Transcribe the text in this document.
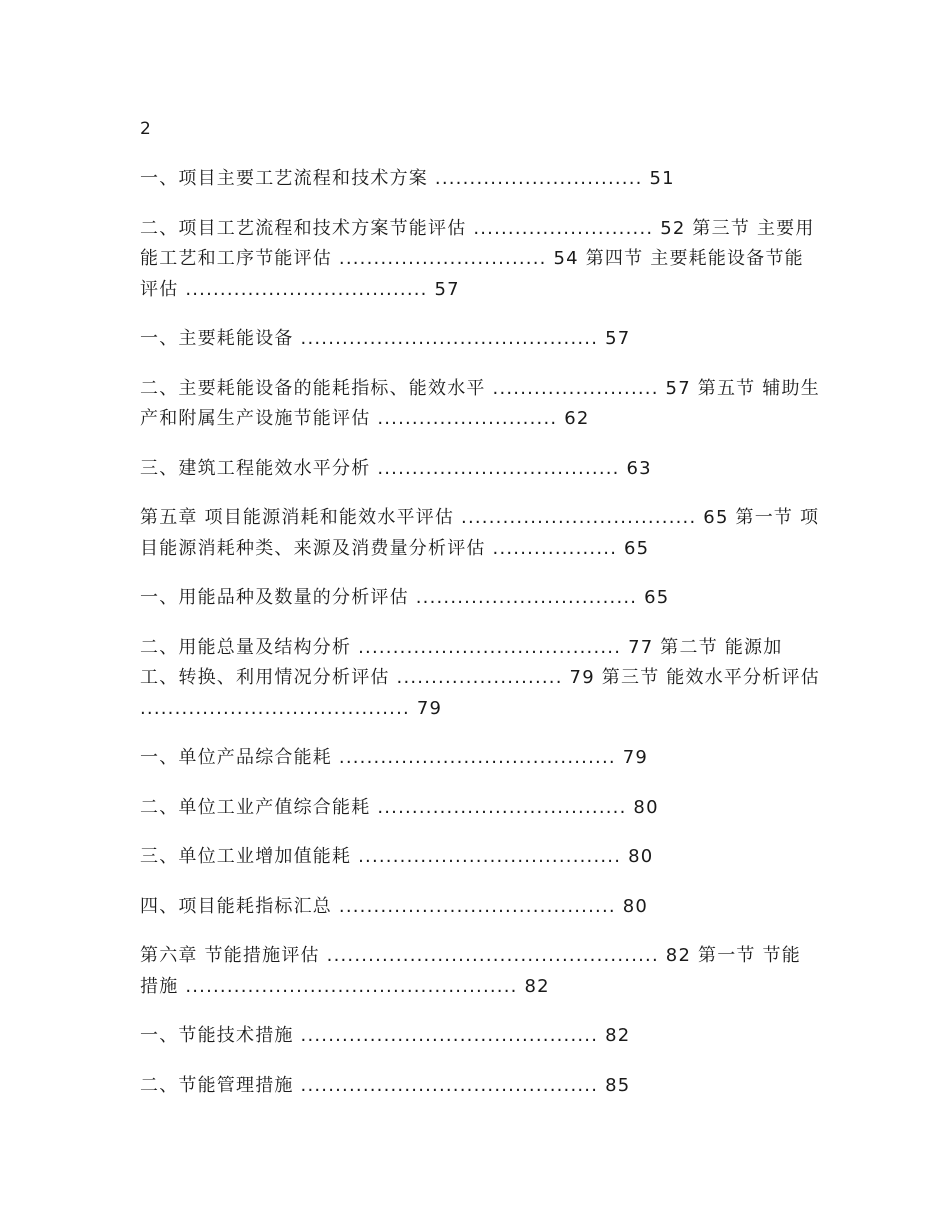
2

一、项目主要工艺流程和技术方案 .............................. 51

二、项目工艺流程和技术方案节能评估 .......................... 52 第三节 主要用能工艺和工序节能评估 .............................. 54 第四节 主要耗能设备节能评估 ................................... 57

一、主要耗能设备 ........................................... 57

二、主要耗能设备的能耗指标、能效水平 ........................ 57 第五节 辅助生产和附属生产设施节能评估 .......................... 62

三、建筑工程能效水平分析 ................................... 63

第五章 项目能源消耗和能效水平评估 .................................. 65 第一节 项目能源消耗种类、来源及消费量分析评估 .................. 65

一、用能品种及数量的分析评估 ................................ 65

二、用能总量及结构分析 ...................................... 77 第二节 能源加工、转换、利用情况分析评估 ........................ 79 第三节 能效水平分析评估 ....................................... 79

一、单位产品综合能耗 ........................................ 79

二、单位工业产值综合能耗 .................................... 80

三、单位工业增加值能耗 ...................................... 80

四、项目能耗指标汇总 ........................................ 80

第六章 节能措施评估 ................................................ 82 第一节 节能措施 ................................................ 82

一、节能技术措施 ........................................... 82

二、节能管理措施 ........................................... 85
